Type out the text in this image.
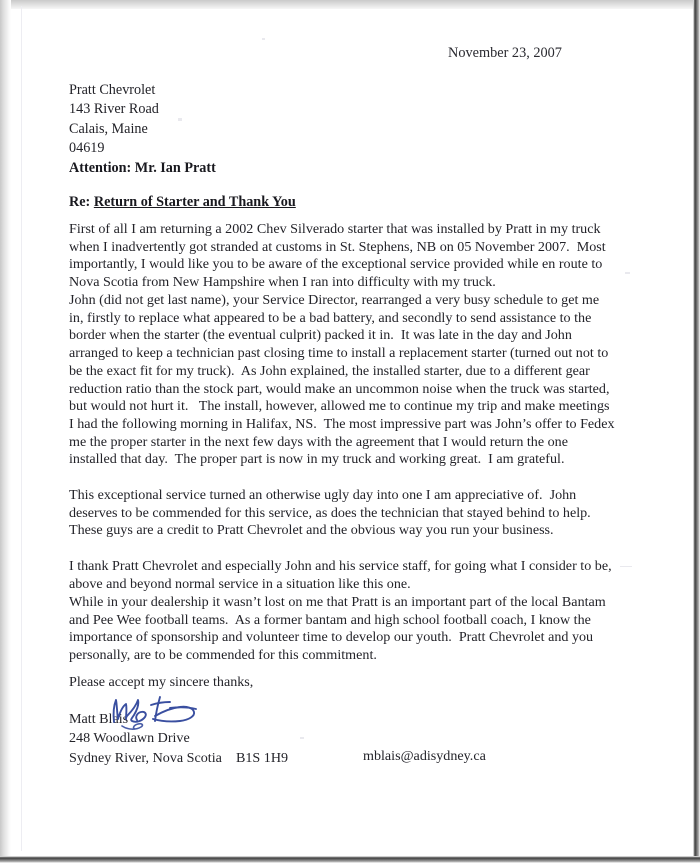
November 23, 2007
Pratt Chevrolet
143 River Road
Calais, Maine
04619
Attention: Mr. Ian Pratt
Re: Return of Starter and Thank You
First of all I am returning a 2002 Chev Silverado starter that was installed by Pratt in my truck when I inadvertently got stranded at customs in St. Stephens, NB on 05 November 2007.  Most importantly, I would like you to be aware of the exceptional service provided while en route to Nova Scotia from New Hampshire when I ran into difficulty with my truck.
John (did not get last name), your Service Director, rearranged a very busy schedule to get me in, firstly to replace what appeared to be a bad battery, and secondly to send assistance to the border when the starter (the eventual culprit) packed it in.  It was late in the day and John arranged to keep a technician past closing time to install a replacement starter (turned out not to be the exact fit for my truck).  As John explained, the installed starter, due to a different gear reduction ratio than the stock part, would make an uncommon noise when the truck was started, but would not hurt it.   The install, however, allowed me to continue my trip and make meetings I had the following morning in Halifax, NS.  The most impressive part was John’s offer to Fedex me the proper starter in the next few days with the agreement that I would return the one installed that day.  The proper part is now in my truck and working great.  I am grateful.
This exceptional service turned an otherwise ugly day into one I am appreciative of.  John deserves to be commended for this service, as does the technician that stayed behind to help.  These guys are a credit to Pratt Chevrolet and the obvious way you run your business.
I thank Pratt Chevrolet and especially John and his service staff, for going what I consider to be, above and beyond normal service in a situation like this one.
While in your dealership it wasn’t lost on me that Pratt is an important part of the local Bantam and Pee Wee football teams.  As a former bantam and high school football coach, I know the importance of sponsorship and volunteer time to develop our youth.  Pratt Chevrolet and you personally, are to be commended for this commitment.
Please accept my sincere thanks,
Matt Blais
248 Woodlawn Drive
Sydney River, Nova Scotia    B1S 1H9	mblais@adisydney.ca
